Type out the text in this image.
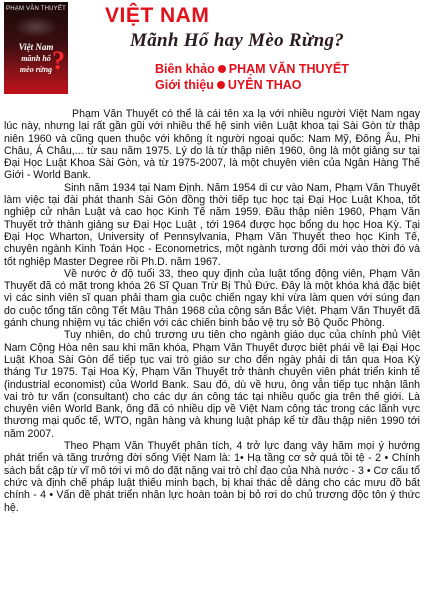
PHẠM VĂN THUYẾT
Việt Nam
mãnh hổ
mèo rừng ?
VIỆT NAM
Mãnh Hổ hay Mèo Rừng?
Biên khảo PHẠM VĂN THUYẾT
Giới thiệu UYÊN THAO

Phạm Văn Thuyết có thể là cái tên xa lạ với nhiều người Việt Nam ngay lúc này, nhưng lại rất gần gũi với nhiều thế hệ sinh viên Luật khoa tại Sài Gòn từ thập niên 1960 và cũng quen thuộc với không ít người ngoại quốc: Nam Mỹ, Đông Âu, Phi Châu, Á Châu,... từ sau năm 1975. Lý do là từ thập niên 1960, ông là một giảng sư tại Đại Học Luật Khoa Sài Gòn, và từ 1975-2007, là một chuyên viên của Ngân Hàng Thế Giới - World Bank.

Sinh năm 1934 tại Nam Định. Năm 1954 di cư vào Nam, Phạm Văn Thuyết làm việc tại đài phát thanh Sài Gòn đồng thời tiếp tục học tại Đại Học Luật Khoa, tốt nghiệp cử nhân Luật và cao học Kinh Tế năm 1959. Đầu thập niên 1960, Phạm Văn Thuyết trở thành giảng sư Đại Học Luật , tới 1964 được học bổng du học Hoa Kỳ. Tại Đại Học Wharton, University of Pennsylvania, Phạm Văn Thuyết theo học Kinh Tế, chuyên ngành Kinh Toán Học - Econometrics, một ngành tương đối mới vào thời đó và tốt nghiệp Master Degree rồi Ph.D. năm 1967.

Về nước ở độ tuổi 33, theo quy định của luật tổng động viên, Phạm Văn Thuyết đã có mặt trong khóa 26 Sĩ Quan Trừ Bị Thủ Đức. Đây là một khóa khá đặc biệt vì các sinh viên sĩ quan phải tham gia cuộc chiến ngay khi vừa làm quen với súng đạn do cuộc tổng tấn công Tết Mậu Thân 1968 của cộng sản Bắc Việt. Phạm Văn Thuyết đã gánh chung nhiệm vụ tác chiến với các chiến binh bảo vệ trụ sở Bộ Quốc Phòng.

Tuy nhiên, do chủ trương ưu tiên cho ngành giáo dục của chính phủ Việt Nam Cộng Hòa nên sau khi mãn khóa, Phạm Văn Thuyết được biệt phái về lại Đại Học Luật Khoa Sài Gòn để tiếp tục vai trò giáo sư cho đến ngày phải di tản qua Hoa Kỳ tháng Tư 1975. Tại Hoa Kỳ, Phạm Văn Thuyết trở thành chuyên viên phát triển kinh tế (industrial economist) của World Bank. Sau đó, dù về hưu, ông vẫn tiếp tục nhận lãnh vai trò tư vấn (consultant) cho các dự án công tác tại nhiều quốc gia trên thế giới. Là chuyên viên World Bank, ông đã có nhiều dịp về Việt Nam công tác trong các lãnh vực thương mại quốc tế, WTO, ngân hàng và khung luật pháp kể từ đầu thập niên 1990 tới năm 2007.

Theo Phạm Văn Thuyết phân tích, 4 trở lực đang vây hãm mọi ý hướng phát triển và tăng trưởng đời sống Việt Nam là: 1• Hạ tầng cơ sở quá tồi tệ - 2 • Chính sách bắt cập từ vĩ mô tới vi mô do đặt nặng vai trò chỉ đạo của Nhà nước - 3 • Cơ cấu tổ chức và định chế pháp luật thiếu minh bạch, bị khai thác dễ dàng cho các mưu đồ bất chính - 4 • Vấn đề phát triển nhân lực hoàn toàn bị bỏ rơi do chủ trương độc tôn ý thức hệ.
